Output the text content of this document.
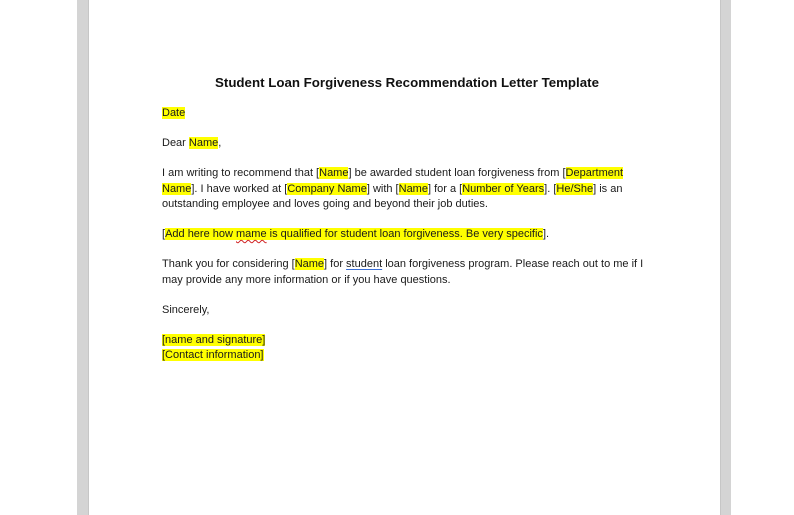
Student Loan Forgiveness Recommendation Letter Template
Date
Dear Name,
I am writing to recommend that [Name] be awarded student loan forgiveness from [Department Name]. I have worked at [Company Name] with [Name] for a [Number of Years]. [He/She] is an outstanding employee and loves going and beyond their job duties.
[Add here how mame is qualified for student loan forgiveness. Be very specific].
Thank you for considering [Name] for student loan forgiveness program. Please reach out to me if I may provide any more information or if you have questions.
Sincerely,
[name and signature]
[Contact information]
